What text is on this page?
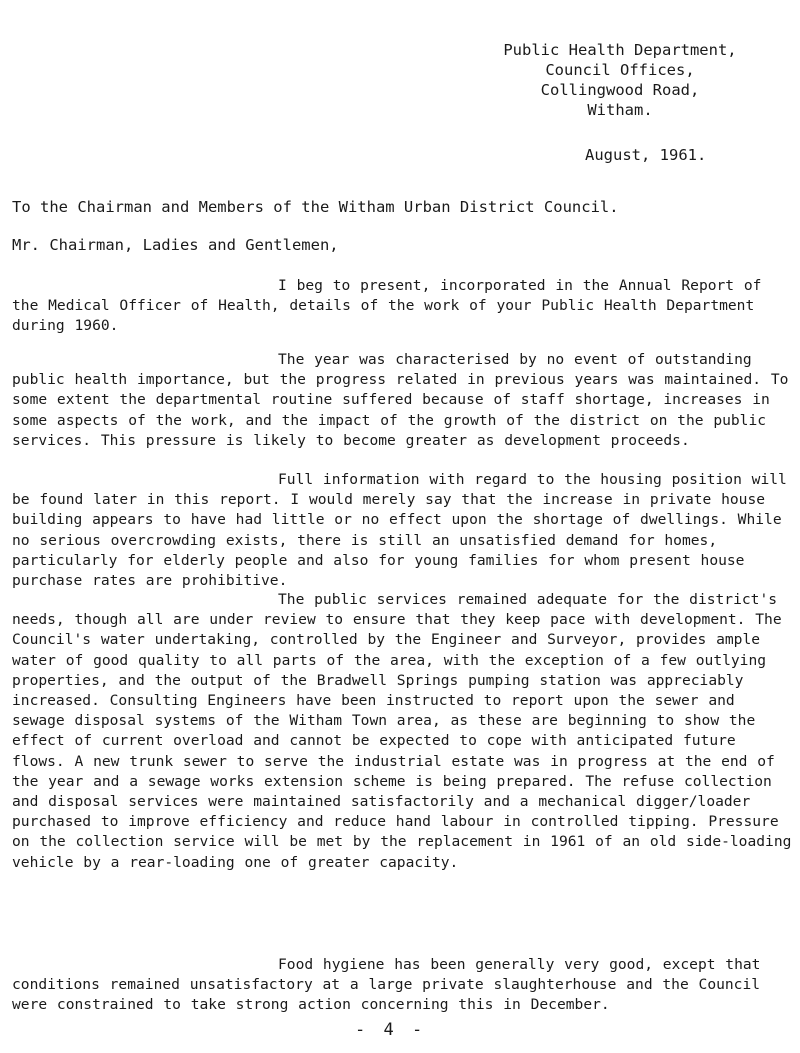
Public Health Department,
Council Offices,
Collingwood Road,
Witham.
August, 1961.
To the Chairman and Members of the Witham Urban District Council.
Mr. Chairman, Ladies and Gentlemen,
I beg to present, incorporated in the Annual Report of the Medical Officer of Health, details of the work of your Public Health Department during 1960.
The year was characterised by no event of outstanding public health importance, but the progress related in previous years was maintained. To some extent the departmental routine suffered because of staff shortage, increases in some aspects of the work, and the impact of the growth of the district on the public services. This pressure is likely to become greater as development proceeds.
Full information with regard to the housing position will be found later in this report. I would merely say that the increase in private house building appears to have had little or no effect upon the shortage of dwellings. While no serious overcrowding exists, there is still an unsatisfied demand for homes, particularly for elderly people and also for young families for whom present house purchase rates are prohibitive.
The public services remained adequate for the district's needs, though all are under review to ensure that they keep pace with development. The Council's water undertaking, controlled by the Engineer and Surveyor, provides ample water of good quality to all parts of the area, with the exception of a few outlying properties, and the output of the Bradwell Springs pumping station was appreciably increased. Consulting Engineers have been instructed to report upon the sewer and sewage disposal systems of the Witham Town area, as these are beginning to show the effect of current overload and cannot be expected to cope with anticipated future flows. A new trunk sewer to serve the industrial estate was in progress at the end of the year and a sewage works extension scheme is being prepared. The refuse collection and disposal services were maintained satisfactorily and a mechanical digger/loader purchased to improve efficiency and reduce hand labour in controlled tipping. Pressure on the collection service will be met by the replacement in 1961 of an old side-loading vehicle by a rear-loading one of greater capacity.
Food hygiene has been generally very good, except that conditions remained unsatisfactory at a large private slaughterhouse and the Council were constrained to take strong action concerning this in December.
- 4 -
